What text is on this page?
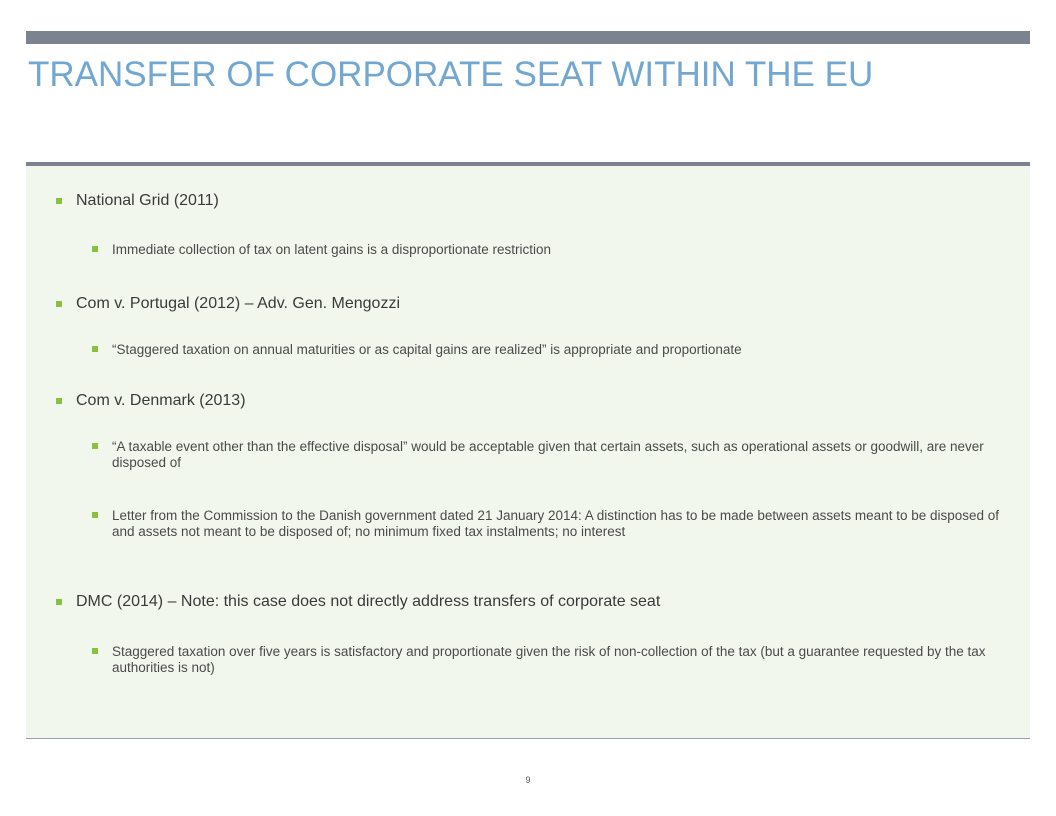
TRANSFER OF CORPORATE SEAT WITHIN THE EU
National Grid (2011)
Immediate collection of tax on latent gains is a disproportionate restriction
Com v. Portugal (2012) – Adv. Gen. Mengozzi
“Staggered taxation on annual maturities or as capital gains are realized” is appropriate and proportionate
Com v. Denmark (2013)
“A taxable event other than the effective disposal” would be acceptable given that certain assets, such as operational assets or goodwill, are never disposed of
Letter from the Commission to the Danish government dated 21 January 2014: A distinction has to be made between assets meant to be disposed of and assets not meant to be disposed of; no minimum fixed tax instalments; no interest
DMC (2014) – Note: this case does not directly address transfers of corporate seat
Staggered taxation over five years is satisfactory and proportionate given the risk of non-collection of the tax (but a guarantee requested by the tax authorities is not)
9
